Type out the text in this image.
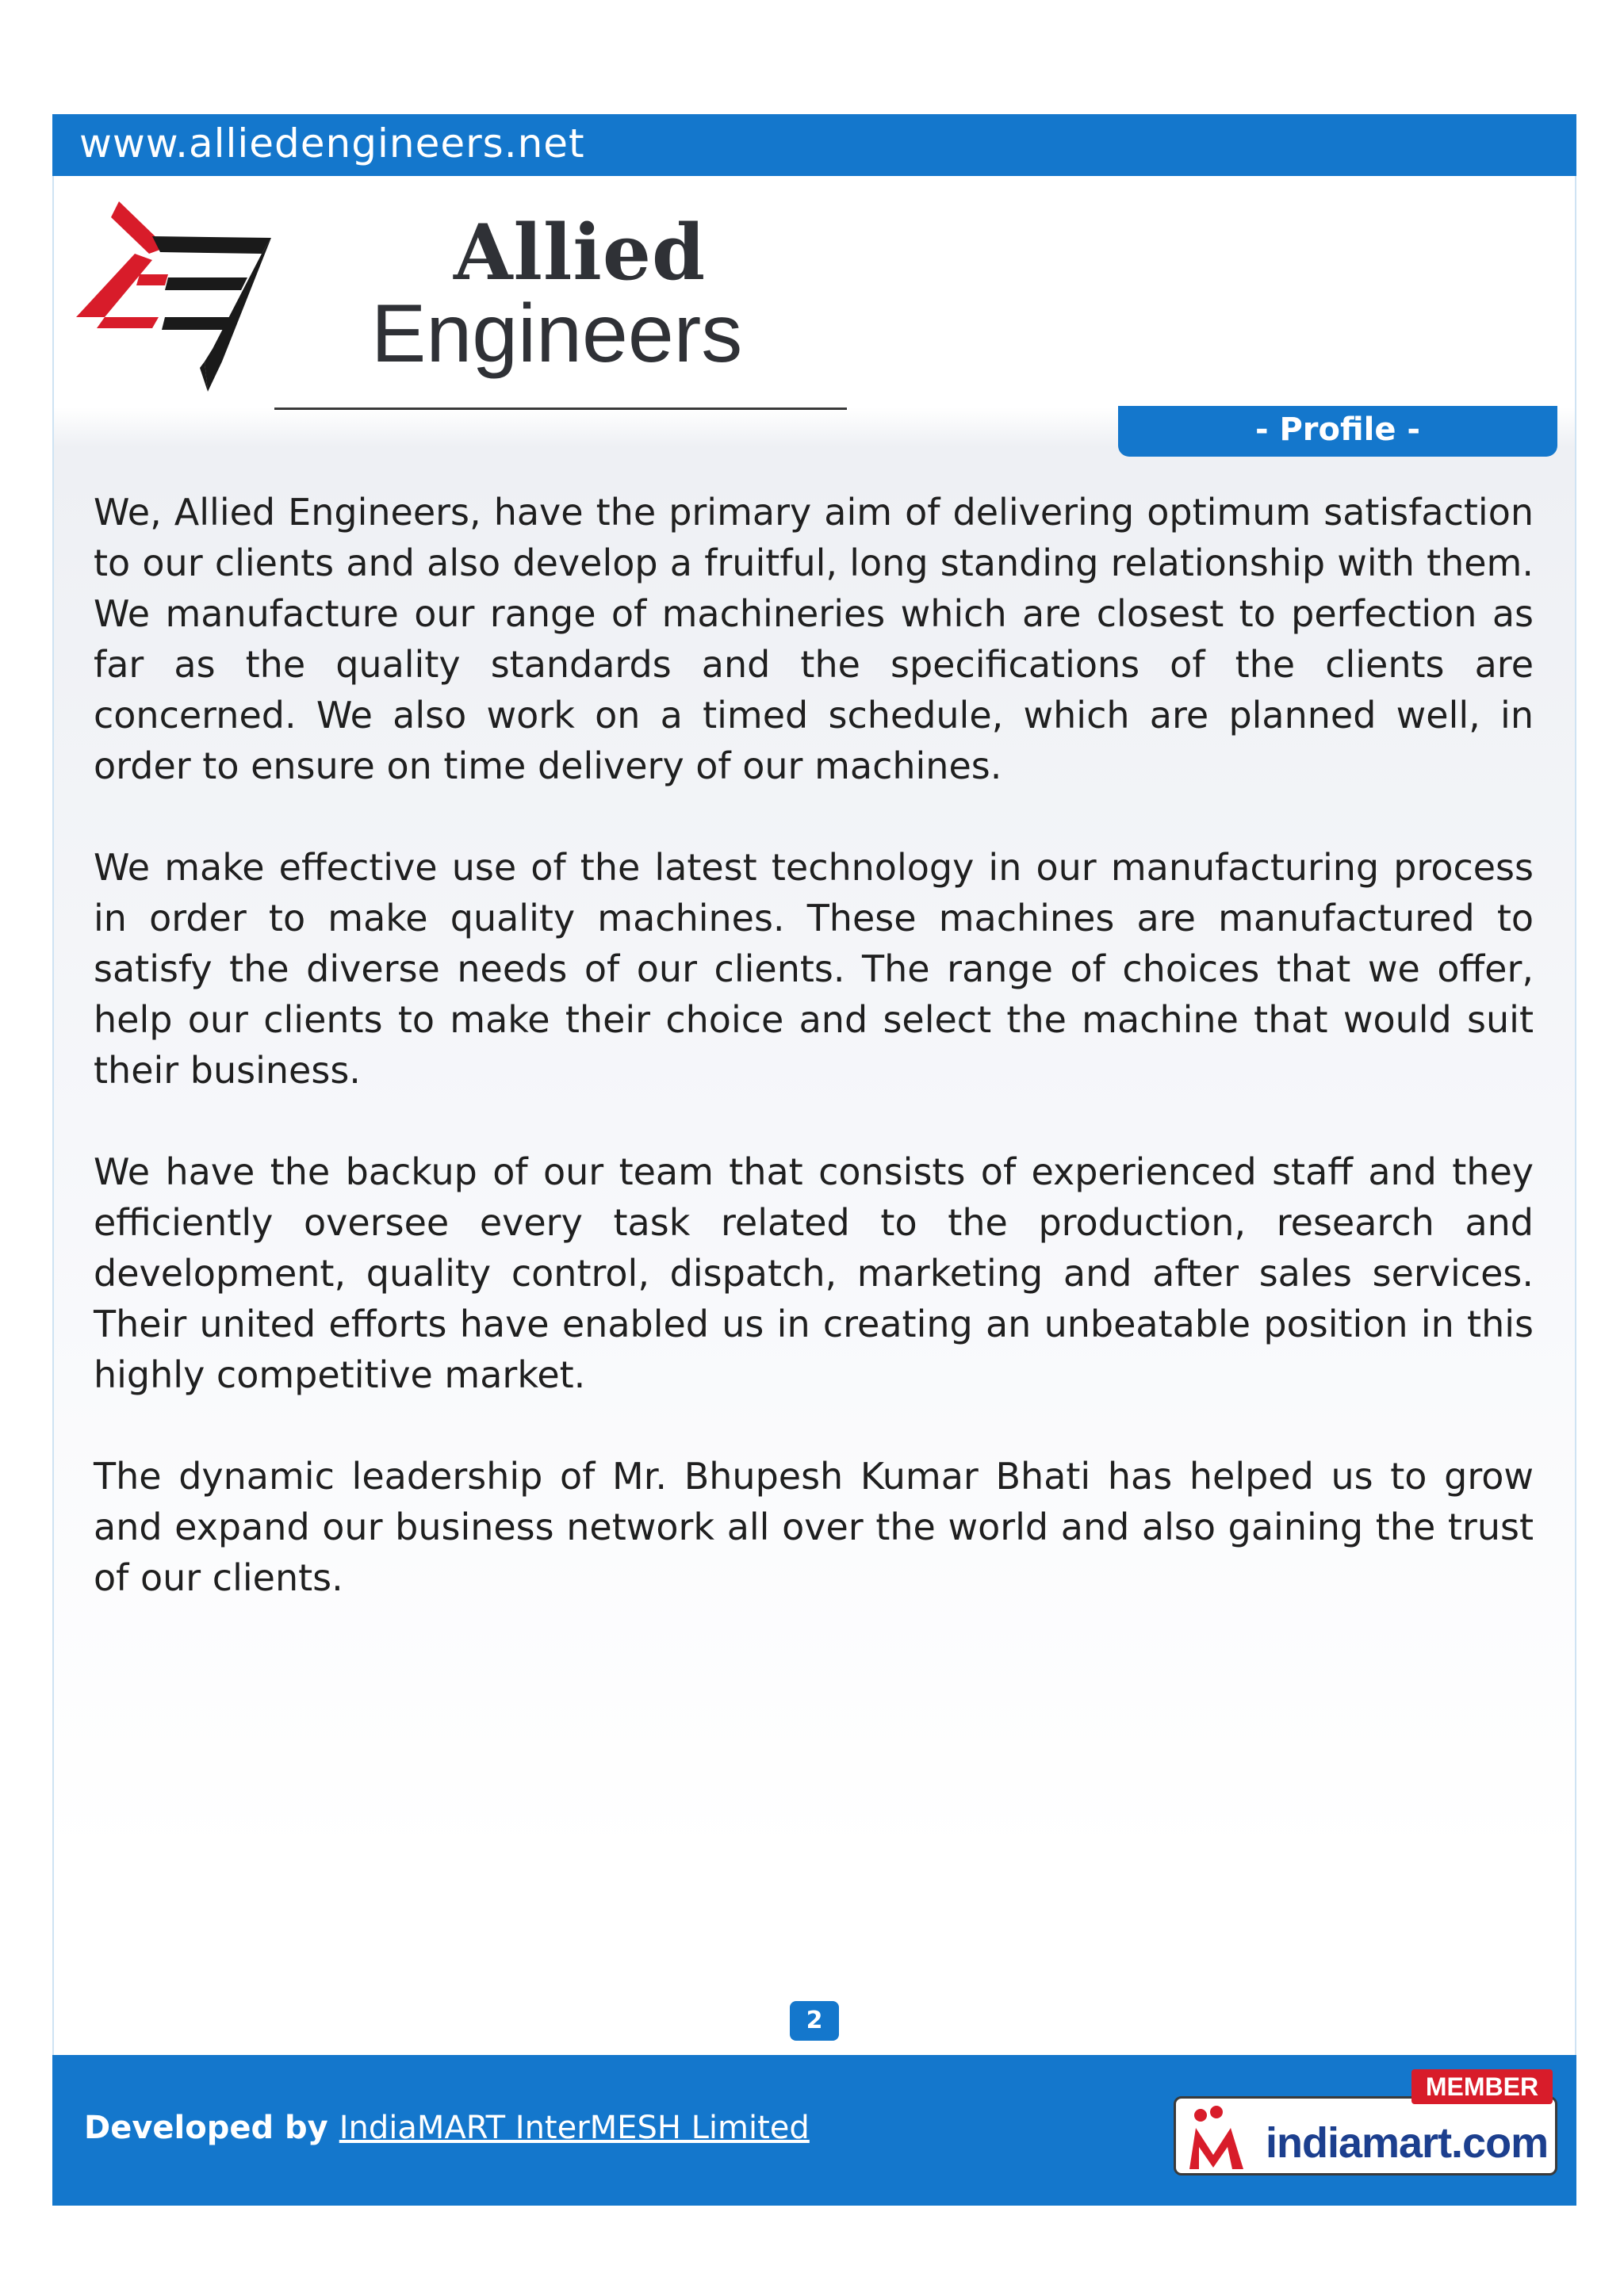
www.alliedengineers.net
Allied
Engineers
- Profile -

We, Allied Engineers, have the primary aim of delivering optimum satisfaction to our clients and also develop a fruitful, long standing relationship with them. We manufacture our range of machineries which are closest to perfection as far as the quality standards and the specifications of the clients are concerned. We also work on a timed schedule, which are planned well, in order to ensure on time delivery of our machines.

We make effective use of the latest technology in our manufacturing process in order to make quality machines. These machines are manufactured to satisfy the diverse needs of our clients. The range of choices that we offer, help our clients to make their choice and select the machine that would suit their business.

We have the backup of our team that consists of experienced staff and they efficiently oversee every task related to the production, research and development, quality control, dispatch, marketing and after sales services. Their united efforts have enabled us in creating an unbeatable position in this highly competitive market.

The dynamic leadership of Mr. Bhupesh Kumar Bhati has helped us to grow and expand our business network all over the world and also gaining the trust of our clients.

2
Developed by IndiaMART InterMESH Limited	indiamart.com
MEMBER
